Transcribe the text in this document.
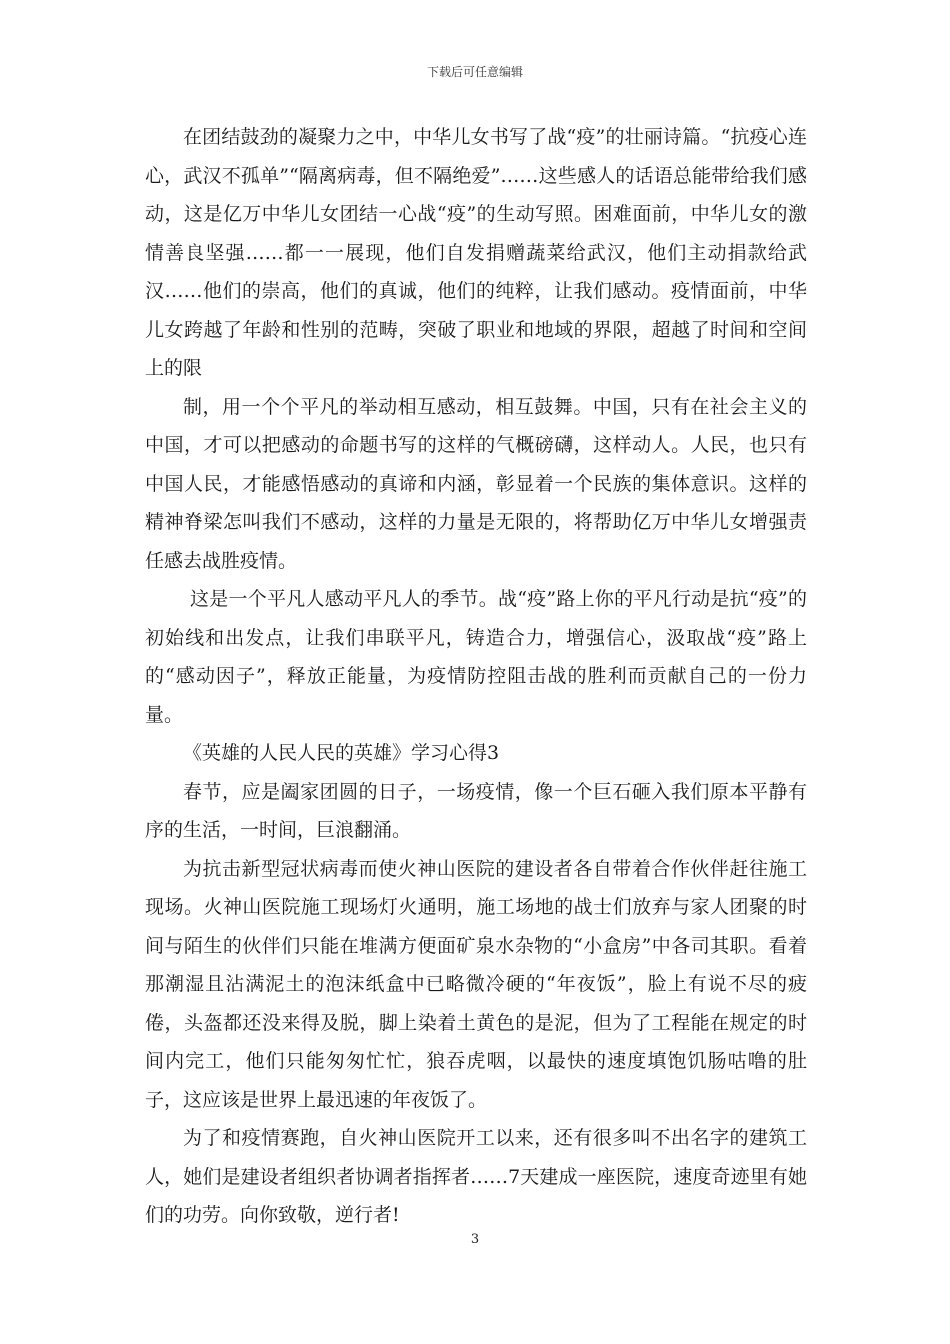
下载后可任意编辑

在团结鼓劲的凝聚力之中，中华儿女书写了战“疫”的壮丽诗篇。“抗疫心连心，武汉不孤单”“隔离病毒，但不隔绝爱”……这些感人的话语总能带给我们感动，这是亿万中华儿女团结一心战“疫”的生动写照。困难面前，中华儿女的激情善良坚强……都一一展现，他们自发捐赠蔬菜给武汉，他们主动捐款给武汉……他们的崇高，他们的真诚，他们的纯粹，让我们感动。疫情面前，中华儿女跨越了年龄和性别的范畴，突破了职业和地域的界限，超越了时间和空间上的限

制，用一个个平凡的举动相互感动，相互鼓舞。中国，只有在社会主义的中国，才可以把感动的命题书写的这样的气概磅礴，这样动人。人民，也只有中国人民，才能感悟感动的真谛和内涵，彰显着一个民族的集体意识。这样的精神脊梁怎叫我们不感动，这样的力量是无限的，将帮助亿万中华儿女增强责任感去战胜疫情。

这是一个平凡人感动平凡人的季节。战“疫”路上你的平凡行动是抗“疫”的初始线和出发点，让我们串联平凡，铸造合力，增强信心，汲取战“疫”路上的“感动因子”，释放正能量，为疫情防控阻击战的胜利而贡献自己的一份力量。

《英雄的人民人民的英雄》学习心得3

春节，应是阖家团圆的日子，一场疫情，像一个巨石砸入我们原本平静有序的生活，一时间，巨浪翻涌。

为抗击新型冠状病毒而使火神山医院的建设者各自带着合作伙伴赶往施工现场。火神山医院施工现场灯火通明，施工场地的战士们放弃与家人团聚的时间与陌生的伙伴们只能在堆满方便面矿泉水杂物的“小盒房”中各司其职。看着那潮湿且沾满泥土的泡沫纸盒中已略微冷硬的“年夜饭”，脸上有说不尽的疲倦，头盔都还没来得及脱，脚上染着土黄色的是泥，但为了工程能在规定的时间内完工，他们只能匆匆忙忙，狼吞虎咽，以最快的速度填饱饥肠咕噜的肚子，这应该是世界上最迅速的年夜饭了。

为了和疫情赛跑，自火神山医院开工以来，还有很多叫不出名字的建筑工人，她们是建设者组织者协调者指挥者……7天建成一座医院，速度奇迹里有她们的功劳。向你致敬，逆行者!

3
